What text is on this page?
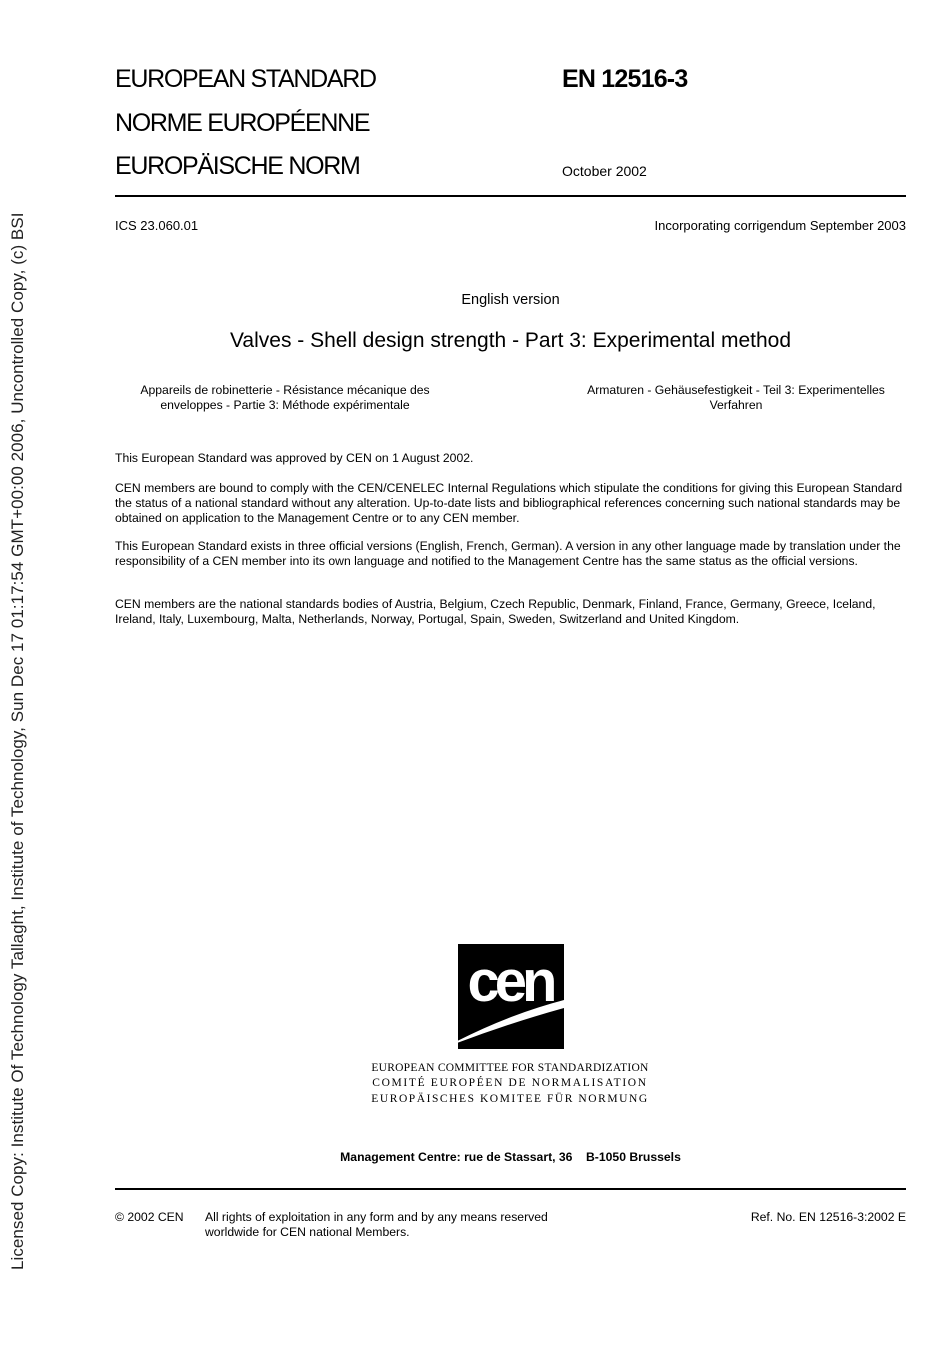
Licensed Copy: Institute Of Technology Tallaght, Institute of Technology, Sun Dec 17 01:17:54 GMT+00:00 2006, Uncontrolled Copy, (c) BSI
EUROPEAN STANDARD
NORME EUROPÉENNE
EUROPÄISCHE NORM
EN 12516-3
October 2002
ICS 23.060.01	Incorporating corrigendum September 2003
English version
Valves - Shell design strength - Part 3: Experimental method
Appareils de robinetterie - Résistance mécanique des
enveloppes - Partie 3: Méthode expérimentale
Armaturen - Gehäusefestigkeit - Teil 3: Experimentelles
Verfahren
This European Standard was approved by CEN on 1 August 2002.
CEN members are bound to comply with the CEN/CENELEC Internal Regulations which stipulate the conditions for giving this European Standard the status of a national standard without any alteration. Up-to-date lists and bibliographical references concerning such national standards may be obtained on application to the Management Centre or to any CEN member.
This European Standard exists in three official versions (English, French, German). A version in any other language made by translation under the responsibility of a CEN member into its own language and notified to the Management Centre has the same status as the official versions.
CEN members are the national standards bodies of Austria, Belgium, Czech Republic, Denmark, Finland, France, Germany, Greece, Iceland, Ireland, Italy, Luxembourg, Malta, Netherlands, Norway, Portugal, Spain, Sweden, Switzerland and United Kingdom.
cen
EUROPEAN COMMITTEE FOR STANDARDIZATION
COMITÉ EUROPÉEN DE NORMALISATION
EUROPÄISCHES KOMITEE FÜR NORMUNG
Management Centre: rue de Stassart, 36    B-1050 Brussels
© 2002 CEN All rights of exploitation in any form and by any means reserved
worldwide for CEN national Members.
Ref. No. EN 12516-3:2002 E
